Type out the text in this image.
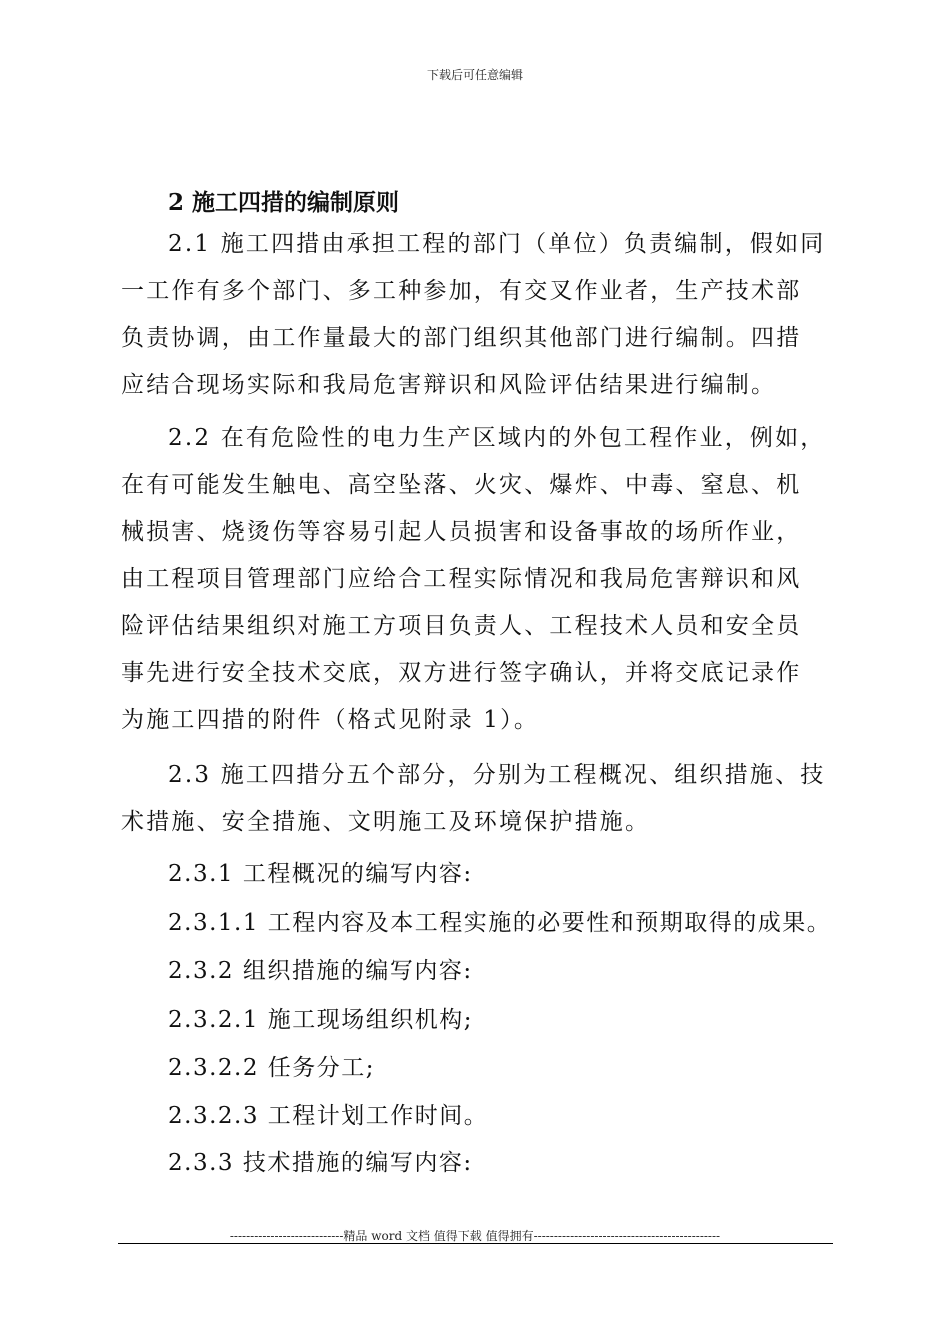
下载后可任意编辑
2 施工四措的编制原则
2.1 施工四措由承担工程的部门（单位）负责编制，假如同
一工作有多个部门、多工种参加，有交叉作业者，生产技术部
负责协调，由工作量最大的部门组织其他部门进行编制。四措
应结合现场实际和我局危害辩识和风险评估结果进行编制。
2.2 在有危险性的电力生产区域内的外包工程作业，例如，
在有可能发生触电、高空坠落、火灾、爆炸、中毒、窒息、机
械损害、烧烫伤等容易引起人员损害和设备事故的场所作业，
由工程项目管理部门应给合工程实际情况和我局危害辩识和风
险评估结果组织对施工方项目负责人、工程技术人员和安全员
事先进行安全技术交底，双方进行签字确认，并将交底记录作
为施工四措的附件（格式见附录 1）。
2.3 施工四措分五个部分，分别为工程概况、组织措施、技
术措施、安全措施、文明施工及环境保护措施。
2.3.1 工程概况的编写内容:
2.3.1.1 工程内容及本工程实施的必要性和预期取得的成果。
2.3.2 组织措施的编写内容:
2.3.2.1 施工现场组织机构;
2.3.2.2 任务分工;
2.3.2.3 工程计划工作时间。
2.3.3 技术措施的编写内容:
----------------------------精品 word 文档 值得下载 值得拥有----------------------------------------------
